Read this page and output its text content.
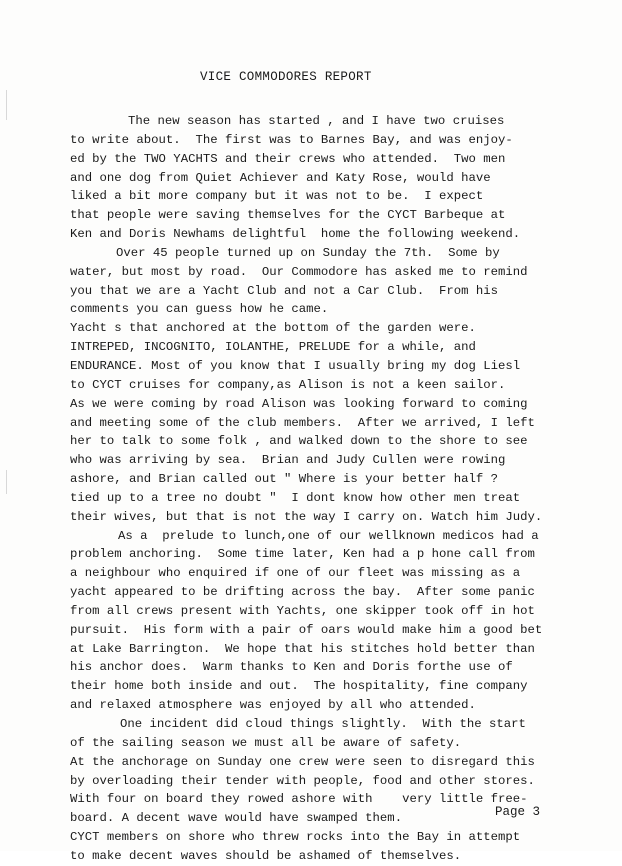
VICE COMMODORES REPORT
The new season has started , and I have two cruises
to write about.  The first was to Barnes Bay, and was enjoy-
ed by the TWO YACHTS and their crews who attended.  Two men
and one dog from Quiet Achiever and Katy Rose, would have
liked a bit more company but it was not to be.  I expect
that people were saving themselves for the CYCT Barbeque at
Ken and Doris Newhams delightful  home the following weekend.
Over 45 people turned up on Sunday the 7th.  Some by
water, but most by road.  Our Commodore has asked me to remind
you that we are a Yacht Club and not a Car Club.  From his
comments you can guess how he came.
Yacht s that anchored at the bottom of the garden were.
INTREPED, INCOGNITO, IOLANTHE, PRELUDE for a while, and
ENDURANCE. Most of you know that I usually bring my dog Liesl
to CYCT cruises for company,as Alison is not a keen sailor.
As we were coming by road Alison was looking forward to coming
and meeting some of the club members.  After we arrived, I left
her to talk to some folk , and walked down to the shore to see
who was arriving by sea.  Brian and Judy Cullen were rowing
ashore, and Brian called out " Where is your better half ?
tied up to a tree no doubt "  I dont know how other men treat
their wives, but that is not the way I carry on. Watch him Judy.
As a  prelude to lunch,one of our wellknown medicos had a
problem anchoring.  Some time later, Ken had a p hone call from
a neighbour who enquired if one of our fleet was missing as a
yacht appeared to be drifting across the bay.  After some panic
from all crews present with Yachts, one skipper took off in hot
pursuit.  His form with a pair of oars would make him a good bet
at Lake Barrington.  We hope that his stitches hold better than
his anchor does.  Warm thanks to Ken and Doris forthe use of
their home both inside and out.  The hospitality, fine company
and relaxed atmosphere was enjoyed by all who attended.
One incident did cloud things slightly.  With the start
of the sailing season we must all be aware of safety.
At the anchorage on Sunday one crew were seen to disregard this
by overloading their tender with people, food and other stores.
With four on board they rowed ashore with    very little free-
board. A decent wave would have swamped them.
CYCT members on shore who threw rocks into the Bay in attempt
to make decent waves should be ashamed of themselves.
Page 3
